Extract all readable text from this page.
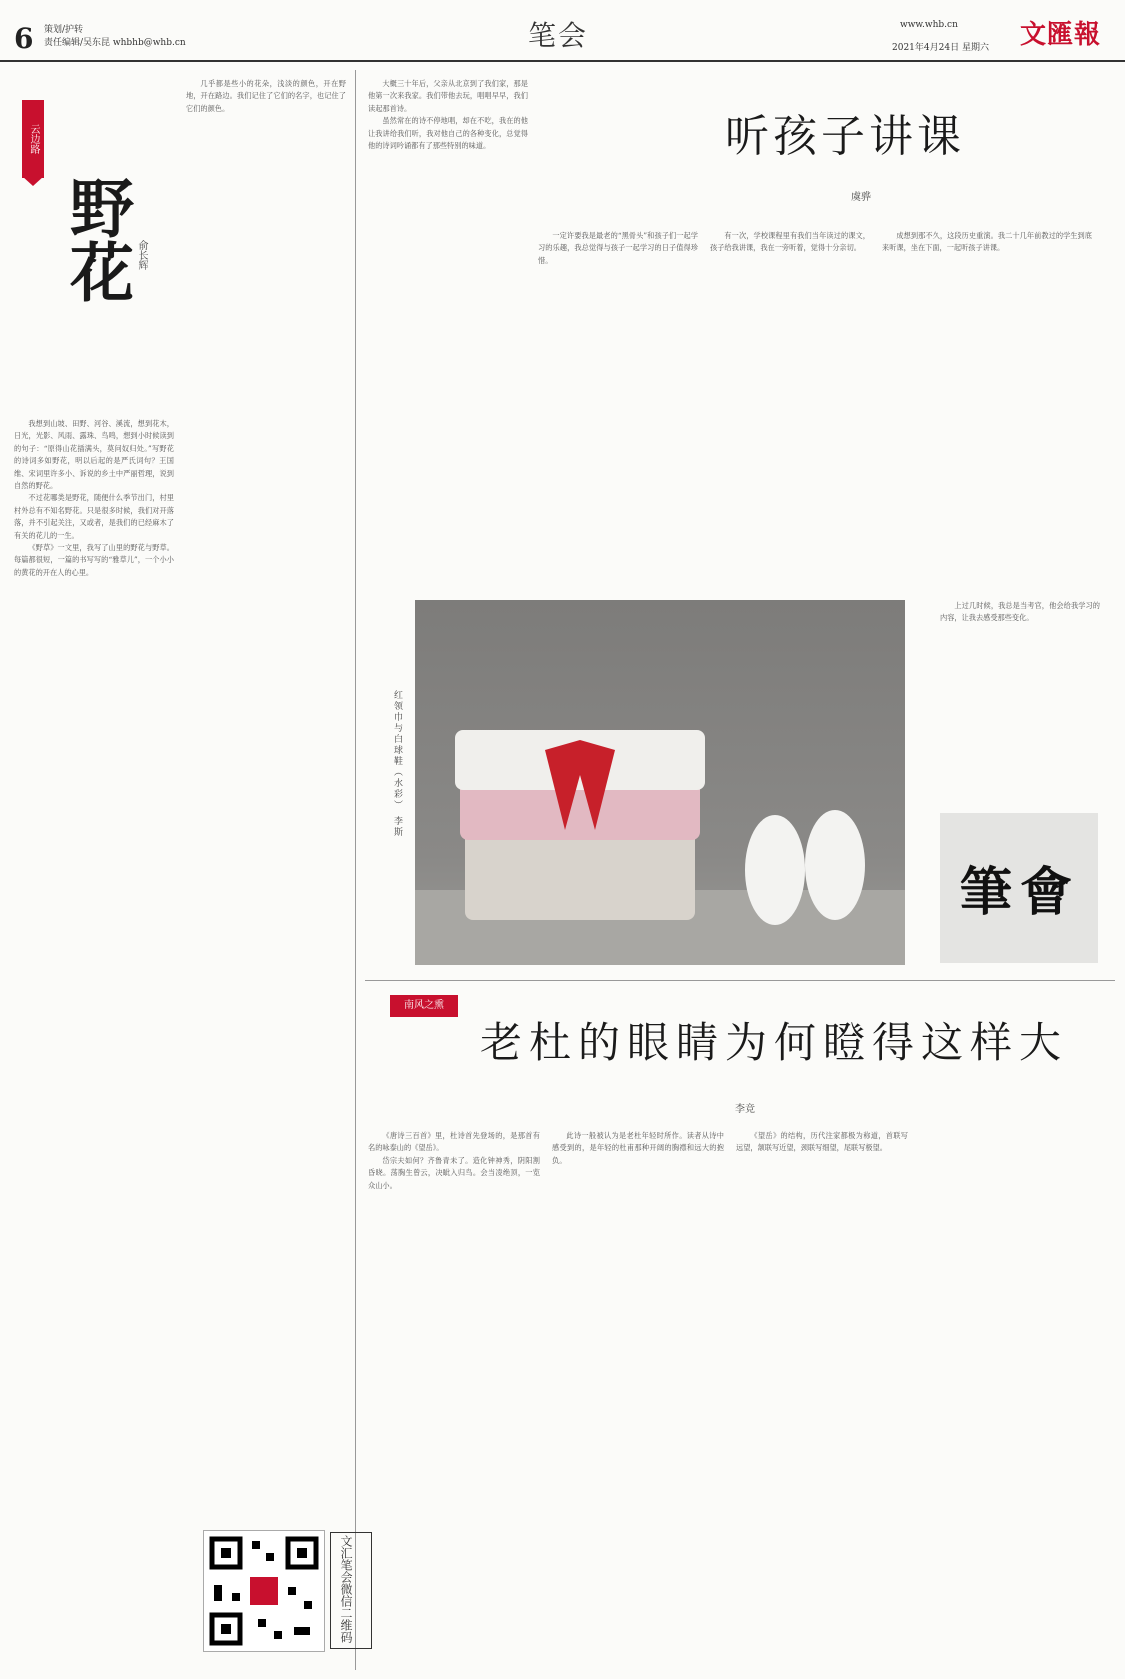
6 策划/护转
责任编辑/吴东昆 whbhb@whb.cn	笔会	www.whb.cn
2021年4月24日 星期六 文匯報
云边路
野花 俞长辉

我想到山坡、田野、河谷、溪流，想到花木，日光，光影、风雨、露珠、鸟鸣，想到小时候读到的句子：“原得山花插满头，莫问奴归处。”写野花的诗词多如野花，明以后起的是严氏词句？王国维、宋词里许多小、诉说的乡土中严丽哲理，说到自然的野花。

不过花哪类是野花，随便什么季节出门，村里村外总有不知名野花。只是很多时候，我们对开落落，并不引起关注，又或者，是我们的已经麻木了有关的花儿的一生。

《野草》一文里，我写了山里的野花与野草。每篇都很短，一篇的书写写的“雅草儿”，一个小小的黄花的开在人的心里。

几乎都是些小的花朵，浅淡的颜色，开在野地，开在路边。我们记住了它们的名字，也记住了它们的颜色。

大概三十年后，父亲从北京到了我们家，那是他第一次来我家。我们带他去玩，唱唱早早，我们读起那首诗。

虽然常在的诗不停地唱，却在不吃，我在的他让我讲给我们听，我对他自己的各种变化，总觉得他的诗词吟诵都有了那些特别的味道。	听孩子讲课
虞骅

一定许要我是最老的“黑骨头”和孩子们一起学习的乐趣，我总觉得与孩子一起学习的日子值得珍惜。

有一次，学校课程里有我们当年读过的课文，孩子给我讲课，我在一旁听着，觉得十分亲切。

成想到那不久，这段历史重演。我二十几年前教过的学生到底来听课，坐在下面，一起听孩子讲课。

上过几时候，我总是当考官，他会给我学习的内容，让我去感受那些变化。

红领巾与白球鞋（水彩） 李斯
筆會
南风之熏
老杜的眼睛为何瞪得这样大
李竞

《唐诗三百首》里，杜诗首先登场的，是那首有名的咏泰山的《望岳》。

岱宗夫如何？齐鲁青未了。造化钟神秀，阴阳割昏晓。荡胸生曾云，决眦入归鸟。会当凌绝顶，一览众山小。

此诗一般被认为是老杜年轻时所作。读者从诗中感受到的，是年轻的杜甫那种开阔的胸襟和远大的抱负。

《望岳》的结构，历代注家都极为称道，首联写远望，颔联写近望，颈联写细望，尾联写极望。

文汇笔会微信二维码
